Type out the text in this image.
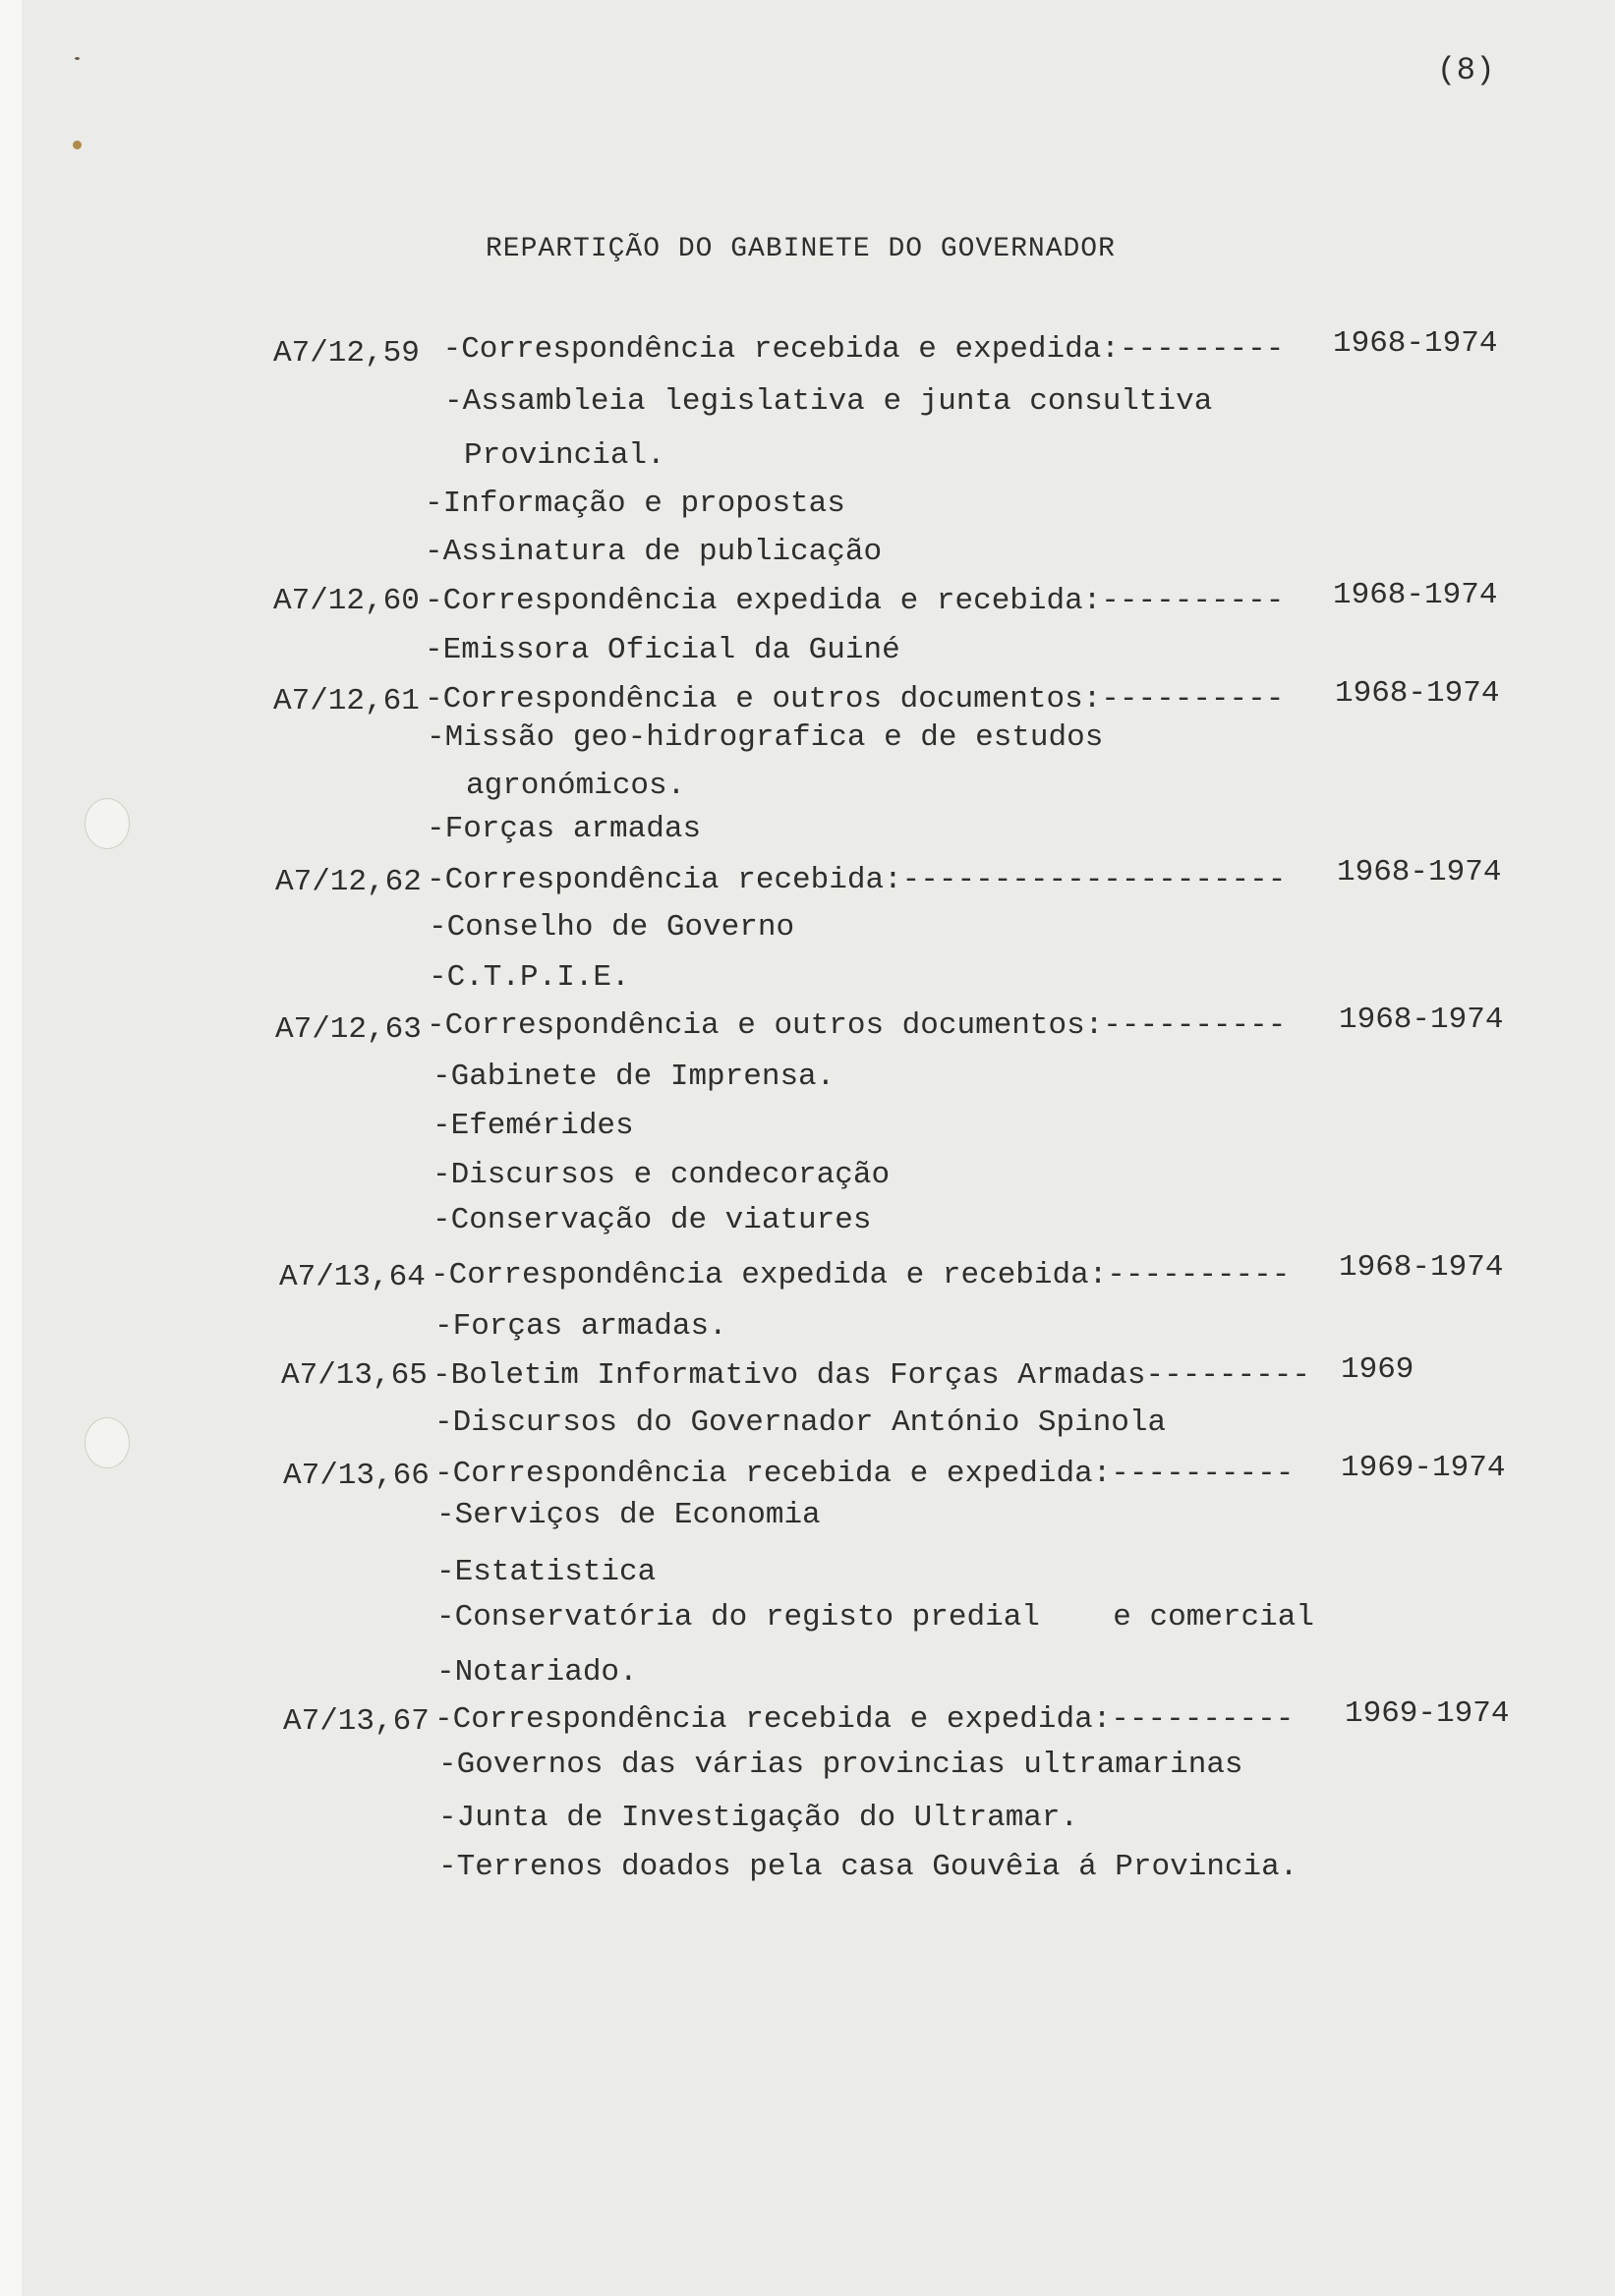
(8)
REPARTIÇÃO DO GABINETE DO GOVERNADOR
A7/12,59 -Correspondência recebida e expedida:--------- 1968-1974
-Assambleia legislativa e junta consultiva
Provincial.
-Informação e propostas
-Assinatura de publicação
A7/12,60 -Correspondência expedida e recebida:---------- 1968-1974
-Emissora Oficial da Guiné
A7/12,61 -Correspondência e outros documentos:---------- 1968-1974
-Missão geo-hidrografica e de estudos
agronómicos.
-Forças armadas
A7/12,62 -Correspondência recebida:--------------------- 1968-1974
-Conselho de Governo
-C.T.P.I.E.
A7/12,63 -Correspondência e outros documentos:---------- 1968-1974
-Gabinete de Imprensa.
-Efemérides
-Discursos e condecoração
-Conservação de viatures
A7/13,64 -Correspondência expedida e recebida:---------- 1968-1974
-Forças armadas.
A7/13,65 -Boletim Informativo das Forças Armadas--------- 1969
-Discursos do Governador António Spinola
A7/13,66 -Correspondência recebida e expedida:---------- 1969-1974
-Serviços de Economia
-Estatistica
-Conservatória do registo predial    e comercial
-Notariado.
A7/13,67 -Correspondência recebida e expedida:---------- 1969-1974
-Governos das várias provincias ultramarinas
-Junta de Investigação do Ultramar.
-Terrenos doados pela casa Gouvêia á Provincia.
